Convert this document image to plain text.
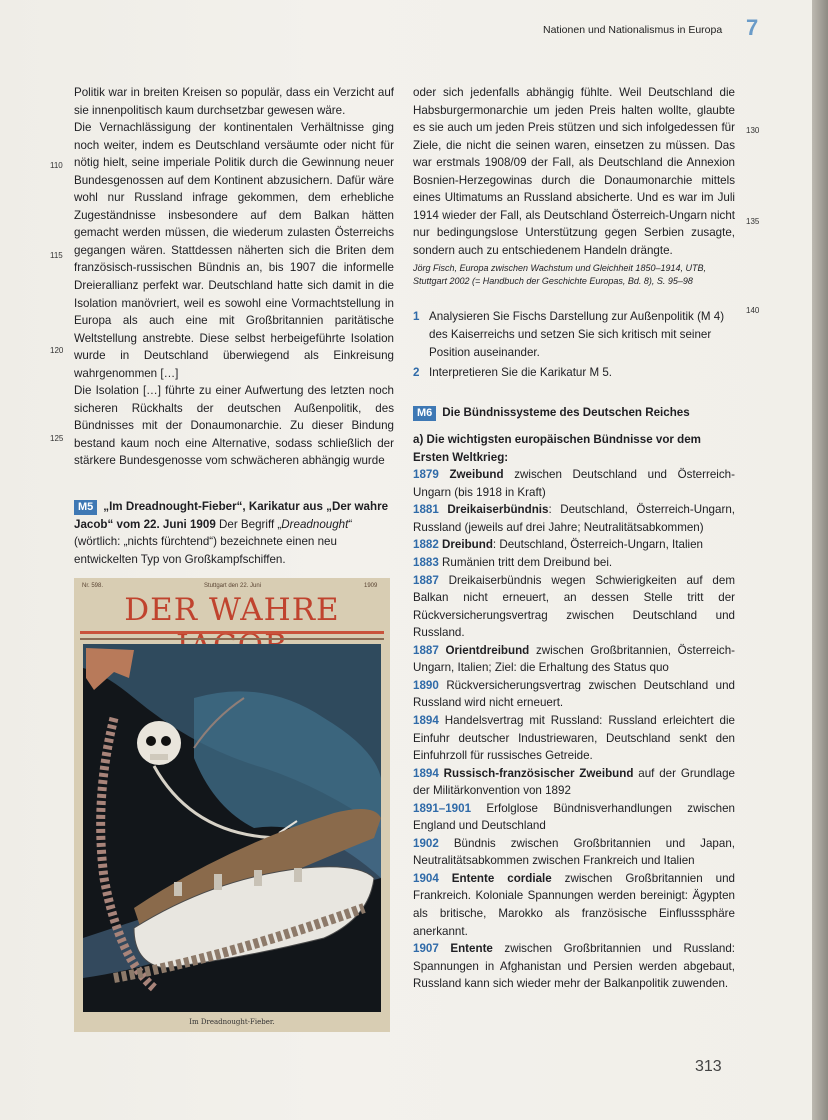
Nationen und Nationalismus in Europa 7
110
115
120
125
130
135
140

Politik war in breiten Kreisen so populär, dass ein Verzicht auf sie innenpolitisch kaum durchsetzbar gewesen wäre.

Die Vernachlässigung der kontinentalen Verhältnisse ging noch weiter, indem es Deutschland versäumte oder nicht für nötig hielt, seine imperiale Politik durch die Gewinnung neuer Bundesgenossen auf dem Kontinent abzusichern. Dafür wäre wohl nur Russland infrage gekommen, dem erhebliche Zugeständnisse insbesondere auf dem Balkan hätten gemacht werden müssen, die wiederum zulasten Österreichs gegangen wären. Stattdessen näherten sich die Briten dem französisch-russischen Bündnis an, bis 1907 die informelle Dreierallianz perfekt war. Deutschland hatte sich damit in die Isolation manövriert, weil es sowohl eine Vormachtstellung in Europa als auch eine mit Großbritannien paritätische Weltstellung anstrebte. Diese selbst herbeigeführte Isolation wurde in Deutschland überwiegend als Einkreisung wahrgenommen […]

Die Isolation […] führte zu einer Aufwertung des letzten noch sicheren Rückhalts der deutschen Außenpolitik, des Bündnisses mit der Donaumonarchie. Zu dieser Bindung bestand kaum noch eine Alternative, sodass schließlich der stärkere Bundesgenosse vom schwächeren abhängig wurde

M5 „Im Dreadnought-Fieber“, Karikatur aus „Der wahre Jacob“ vom 22. Juni 1909 Der Begriff „Dreadnought“ (wörtlich: „nichts fürchtend“) bezeichnete einen neu entwickelten Typ von Großkampfschiffen.
Nr. 598.	Stuttgart den 22. Juni	1909
DER WAHRE
Im Dreadnought-Fieber.

oder sich jedenfalls abhängig fühlte. Weil Deutschland die Habsburgermonarchie um jeden Preis halten wollte, glaubte es sie auch um jeden Preis stützen und sich infolgedessen für Ziele, die nicht die seinen waren, einsetzen zu müssen. Das war erstmals 1908/09 der Fall, als Deutschland die Annexion Bosnien-Herzegowinas durch die Donaumonarchie mittels eines Ultimatums an Russland absicherte. Und es war im Juli 1914 wieder der Fall, als Deutschland Österreich-Ungarn nicht nur bedingungslose Unterstützung gegen Serbien zusagte, sondern auch zu entschiedenem Handeln drängte.

Jörg Fisch, Europa zwischen Wachstum und Gleichheit 1850–1914, UTB, Stuttgart 2002 (= Handbuch der Geschichte Europas, Bd. 8), S. 95–98

1 Analysieren Sie Fischs Darstellung zur Außenpolitik (M 4) des Kaiserreichs und setzen Sie sich kritisch mit seiner Position auseinander.
2 Interpretieren Sie die Karikatur M 5.
M6 Die Bündnissysteme des Deutschen Reiches
a) Die wichtigsten europäischen Bündnisse vor dem Ersten Weltkrieg:

1879 Zweibund zwischen Deutschland und Österreich-Ungarn (bis 1918 in Kraft)

1881 Dreikaiserbündnis: Deutschland, Österreich-Ungarn, Russland (jeweils auf drei Jahre; Neutralitätsabkommen)

1882 Dreibund: Deutschland, Österreich-Ungarn, Italien

1883 Rumänien tritt dem Dreibund bei.

1887 Dreikaiserbündnis wegen Schwierigkeiten auf dem Balkan nicht erneuert, an dessen Stelle tritt der Rückversicherungsvertrag zwischen Deutschland und Russland.

1887 Orientdreibund zwischen Großbritannien, Österreich-Ungarn, Italien; Ziel: die Erhaltung des Status quo

1890 Rückversicherungsvertrag zwischen Deutschland und Russland wird nicht erneuert.

1894 Handelsvertrag mit Russland: Russland erleichtert die Einfuhr deutscher Industriewaren, Deutschland senkt den Einfuhrzoll für russisches Getreide.

1894 Russisch-französischer Zweibund auf der Grundlage der Militärkonvention von 1892

1891–1901 Erfolglose Bündnisverhandlungen zwischen England und Deutschland

1902 Bündnis zwischen Großbritannien und Japan, Neutralitätsabkommen zwischen Frankreich und Italien

1904 Entente cordiale zwischen Großbritannien und Frankreich. Koloniale Spannungen werden bereinigt: Ägypten als britische, Marokko als französische Einflusssphäre anerkannt.

1907 Entente zwischen Großbritannien und Russland: Spannungen in Afghanistan und Persien werden abgebaut, Russland kann sich wieder mehr der Balkanpolitik zuwenden.

313
